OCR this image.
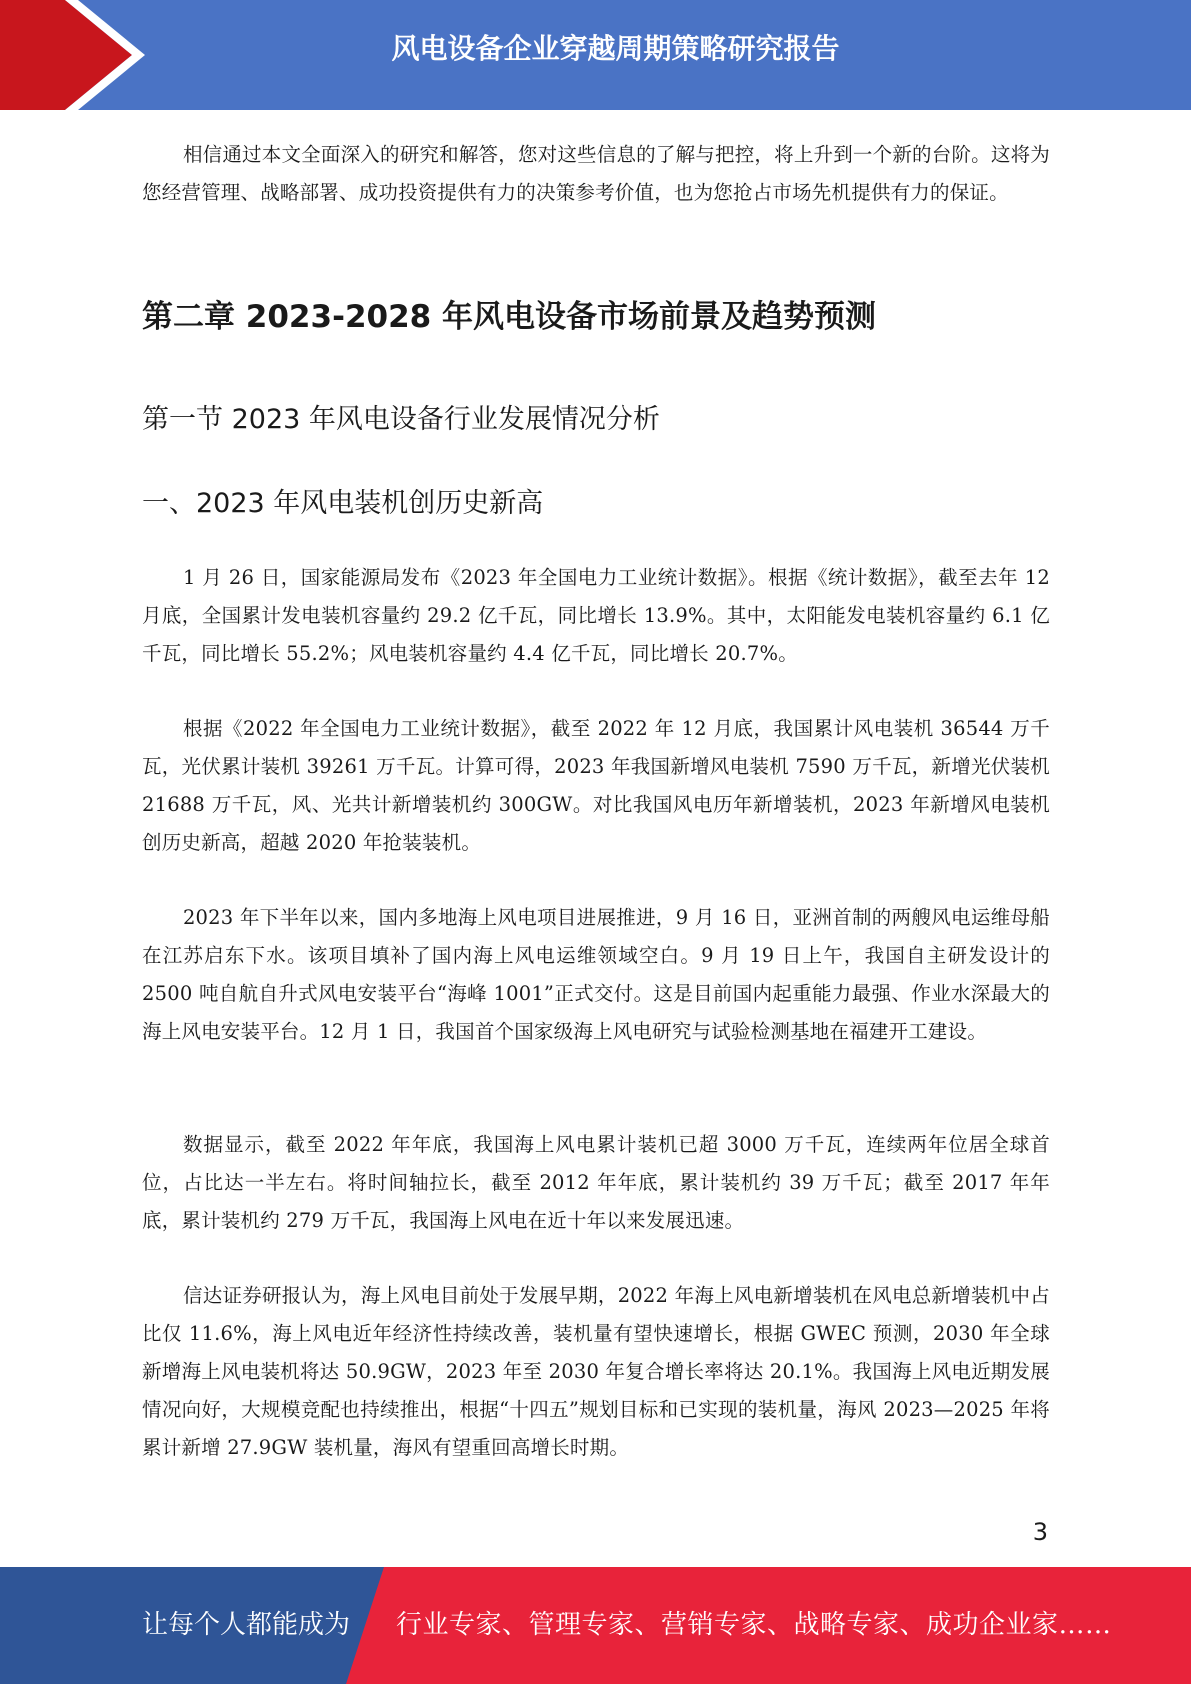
风电设备企业穿越周期策略研究报告

相信通过本文全面深入的研究和解答，您对这些信息的了解与把控，将上升到一个新的台阶。这将为您经营管理、战略部署、成功投资提供有力的决策参考价值，也为您抢占市场先机提供有力的保证。

第二章 2023-2028 年风电设备市场前景及趋势预测
第一节 2023 年风电设备行业发展情况分析
一、2023 年风电装机创历史新高

1 月 26 日，国家能源局发布《2023 年全国电力工业统计数据》。根据《统计数据》，截至去年 12 月底，全国累计发电装机容量约 29.2 亿千瓦，同比增长 13.9%。其中，太阳能发电装机容量约 6.1 亿千瓦，同比增长 55.2%；风电装机容量约 4.4 亿千瓦，同比增长 20.7%。

根据《2022 年全国电力工业统计数据》，截至 2022 年 12 月底，我国累计风电装机 36544 万千瓦，光伏累计装机 39261 万千瓦。计算可得，2023 年我国新增风电装机 7590 万千瓦，新增光伏装机 21688 万千瓦，风、光共计新增装机约 300GW。对比我国风电历年新增装机，2023 年新增风电装机创历史新高，超越 2020 年抢装装机。

2023 年下半年以来，国内多地海上风电项目进展推进，9 月 16 日，亚洲首制的两艘风电运维母船在江苏启东下水。该项目填补了国内海上风电运维领域空白。9 月 19 日上午，我国自主研发设计的 2500 吨自航自升式风电安装平台“海峰 1001”正式交付。这是目前国内起重能力最强、作业水深最大的海上风电安装平台。12 月 1 日，我国首个国家级海上风电研究与试验检测基地在福建开工建设。

数据显示，截至 2022 年年底，我国海上风电累计装机已超 3000 万千瓦，连续两年位居全球首位，占比达一半左右。将时间轴拉长，截至 2012 年年底，累计装机约 39 万千瓦；截至 2017 年年底，累计装机约 279 万千瓦，我国海上风电在近十年以来发展迅速。

信达证券研报认为，海上风电目前处于发展早期，2022 年海上风电新增装机在风电总新增装机中占比仅 11.6%，海上风电近年经济性持续改善，装机量有望快速增长，根据 GWEC 预测，2030 年全球新增海上风电装机将达 50.9GW，2023 年至 2030 年复合增长率将达 20.1%。我国海上风电近期发展情况向好，大规模竞配也持续推出，根据“十四五”规划目标和已实现的装机量，海风 2023—2025 年将累计新增 27.9GW 装机量，海风有望重回高增长时期。

3
让每个人都能成为 行业专家、管理专家、营销专家、战略专家、成功企业家……
